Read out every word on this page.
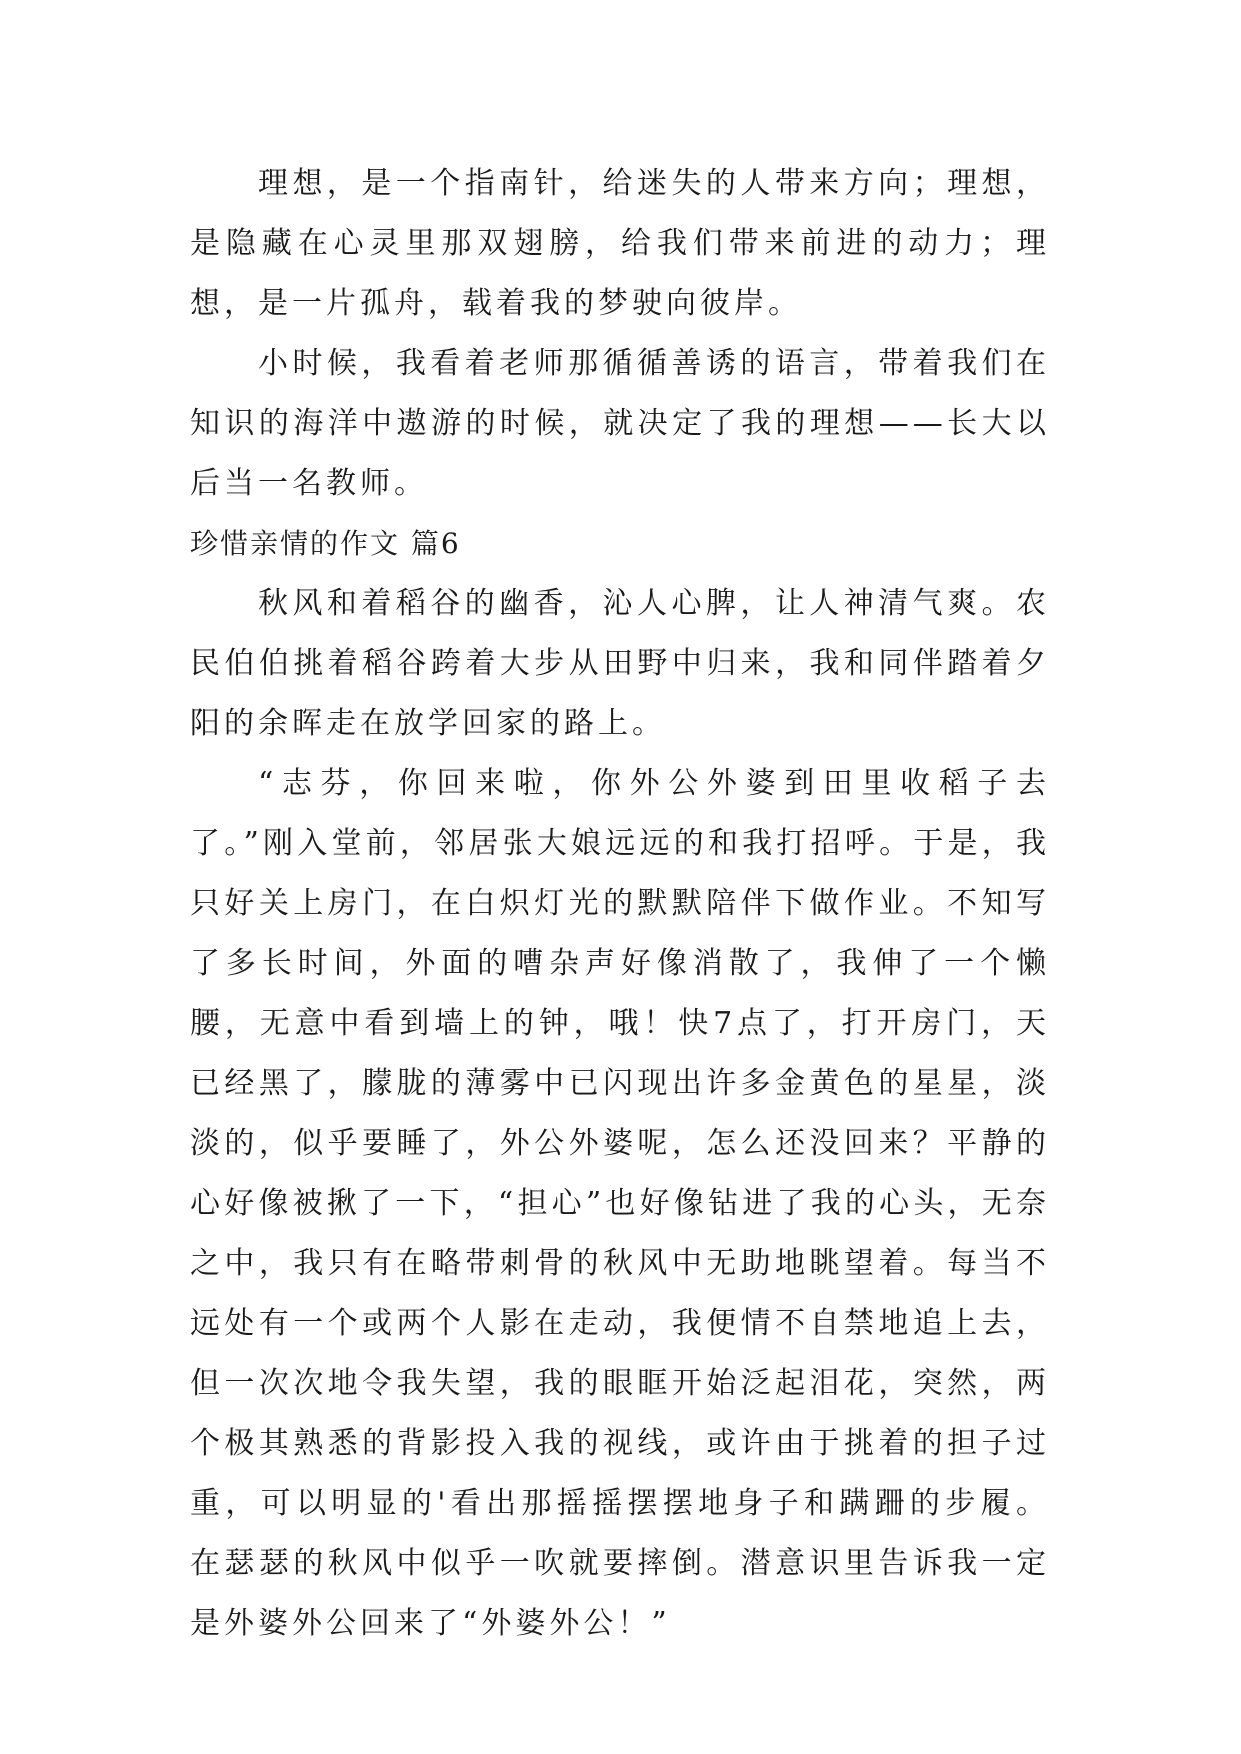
理想，是一个指南针，给迷失的人带来方向；理想，是隐藏在心灵里那双翅膀，给我们带来前进的动力；理想，是一片孤舟，载着我的梦驶向彼岸。

小时候，我看着老师那循循善诱的语言，带着我们在知识的海洋中遨游的时候，就决定了我的理想——长大以后当一名教师。

珍惜亲情的作文 篇6

秋风和着稻谷的幽香，沁人心脾，让人神清气爽。农民伯伯挑着稻谷跨着大步从田野中归来，我和同伴踏着夕阳的余晖走在放学回家的路上。

“志芬，你回来啦，你外公外婆到田里收稻子去了。”刚入堂前，邻居张大娘远远的和我打招呼。于是，我只好关上房门，在白炽灯光的默默陪伴下做作业。不知写了多长时间，外面的嘈杂声好像消散了，我伸了一个懒腰，无意中看到墙上的钟，哦！快7点了，打开房门，天已经黑了，朦胧的薄雾中已闪现出许多金黄色的星星，淡淡的，似乎要睡了，外公外婆呢，怎么还没回来？平静的心好像被揪了一下，“担心”也好像钻进了我的心头，无奈之中，我只有在略带刺骨的秋风中无助地眺望着。每当不远处有一个或两个人影在走动，我便情不自禁地追上去，但一次次地令我失望，我的眼眶开始泛起泪花，突然，两个极其熟悉的背影投入我的视线，或许由于挑着的担子过重，可以明显的'看出那摇摇摆摆地身子和蹒跚的步履。在瑟瑟的秋风中似乎一吹就要摔倒。潜意识里告诉我一定是外婆外公回来了“外婆外公！”
